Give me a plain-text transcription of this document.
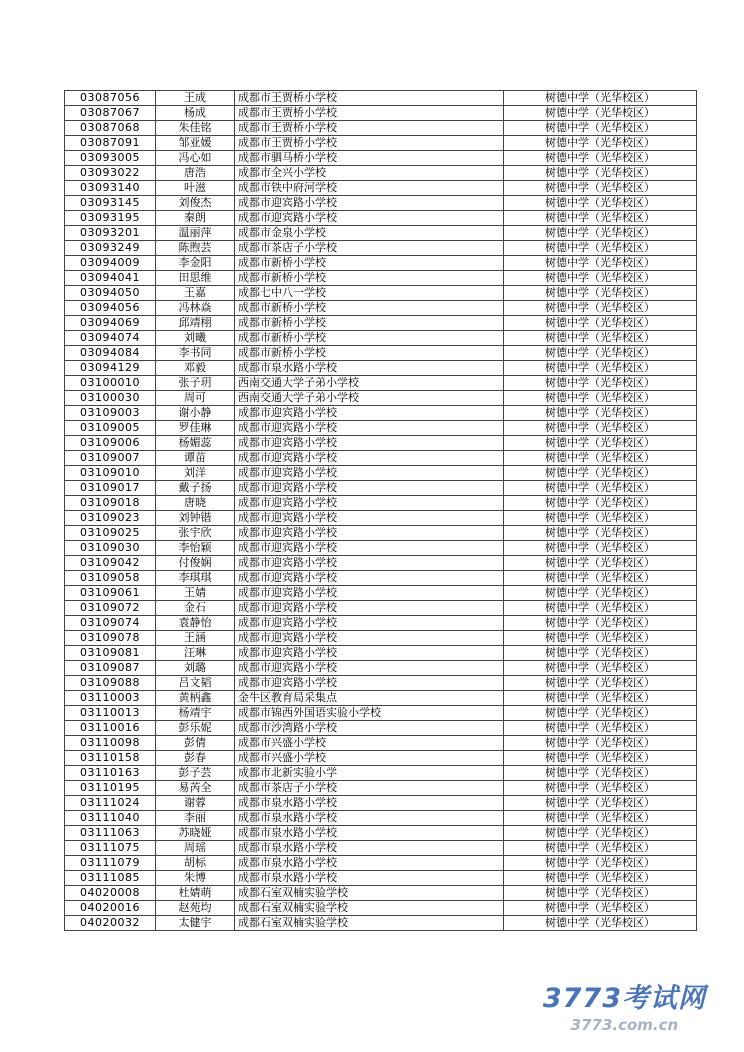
03087056	王成	成都市王贾桥小学校	树德中学（光华校区）
03087067	杨成	成都市王贾桥小学校	树德中学（光华校区）
03087068	朱佳铭	成都市王贾桥小学校	树德中学（光华校区）
03087091	邹亚媛	成都市王贾桥小学校	树德中学（光华校区）
03093005	冯心如	成都市驷马桥小学校	树德中学（光华校区）
03093022	唐浩	成都市全兴小学校	树德中学（光华校区）
03093140	叶滋	成都市铁中府河学校	树德中学（光华校区）
03093145	刘俊杰	成都市迎宾路小学校	树德中学（光华校区）
03093195	秦朗	成都市迎宾路小学校	树德中学（光华校区）
03093201	温丽萍	成都市金泉小学校	树德中学（光华校区）
03093249	陈煦芸	成都市茶店子小学校	树德中学（光华校区）
03094009	李金阳	成都市新桥小学校	树德中学（光华校区）
03094041	田思维	成都市新桥小学校	树德中学（光华校区）
03094050	王嘉	成都七中八一学校	树德中学（光华校区）
03094056	冯林焱	成都市新桥小学校	树德中学（光华校区）
03094069	邱靖栩	成都市新桥小学校	树德中学（光华校区）
03094074	刘曦	成都市新桥小学校	树德中学（光华校区）
03094084	李书同	成都市新桥小学校	树德中学（光华校区）
03094129	邓毅	成都市泉水路小学校	树德中学（光华校区）
03100010	张子玥	西南交通大学子弟小学校	树德中学（光华校区）
03100030	周可	西南交通大学子弟小学校	树德中学（光华校区）
03109003	谢小静	成都市迎宾路小学校	树德中学（光华校区）
03109005	罗佳琳	成都市迎宾路小学校	树德中学（光华校区）
03109006	杨媚蕊	成都市迎宾路小学校	树德中学（光华校区）
03109007	谭苗	成都市迎宾路小学校	树德中学（光华校区）
03109010	刘洋	成都市迎宾路小学校	树德中学（光华校区）
03109017	戴子扬	成都市迎宾路小学校	树德中学（光华校区）
03109018	唐晓	成都市迎宾路小学校	树德中学（光华校区）
03109023	刘钟锴	成都市迎宾路小学校	树德中学（光华校区）
03109025	张宇欣	成都市迎宾路小学校	树德中学（光华校区）
03109030	李怡颖	成都市迎宾路小学校	树德中学（光华校区）
03109042	付俊娴	成都市迎宾路小学校	树德中学（光华校区）
03109058	李琪琪	成都市迎宾路小学校	树德中学（光华校区）
03109061	王婧	成都市迎宾路小学校	树德中学（光华校区）
03109072	金石	成都市迎宾路小学校	树德中学（光华校区）
03109074	袁静怡	成都市迎宾路小学校	树德中学（光华校区）
03109078	王涵	成都市迎宾路小学校	树德中学（光华校区）
03109081	汪琳	成都市迎宾路小学校	树德中学（光华校区）
03109087	刘璐	成都市迎宾路小学校	树德中学（光华校区）
03109088	吕文韬	成都市迎宾路小学校	树德中学（光华校区）
03110003	黄柄鑫	金牛区教育局采集点	树德中学（光华校区）
03110013	杨靖宇	成都市锦西外国语实验小学校	树德中学（光华校区）
03110016	彭乐妮	成都市沙湾路小学校	树德中学（光华校区）
03110098	彭倩	成都市兴盛小学校	树德中学（光华校区）
03110158	彭春	成都市兴盛小学校	树德中学（光华校区）
03110163	彭子芸	成都市北新实验小学	树德中学（光华校区）
03110195	易芮全	成都市茶店子小学校	树德中学（光华校区）
03111024	谢蓉	成都市泉水路小学校	树德中学（光华校区）
03111040	李丽	成都市泉水路小学校	树德中学（光华校区）
03111063	苏晓娅	成都市泉水路小学校	树德中学（光华校区）
03111075	周瑶	成都市泉水路小学校	树德中学（光华校区）
03111079	胡标	成都市泉水路小学校	树德中学（光华校区）
03111085	朱博	成都市泉水路小学校	树德中学（光华校区）
04020008	杜婧萌	成都石室双楠实验学校	树德中学（光华校区）
04020016	赵苑均	成都石室双楠实验学校	树德中学（光华校区）
04020032	太健宇	成都石室双楠实验学校	树德中学（光华校区）
3773考试网
3773.com.cn
